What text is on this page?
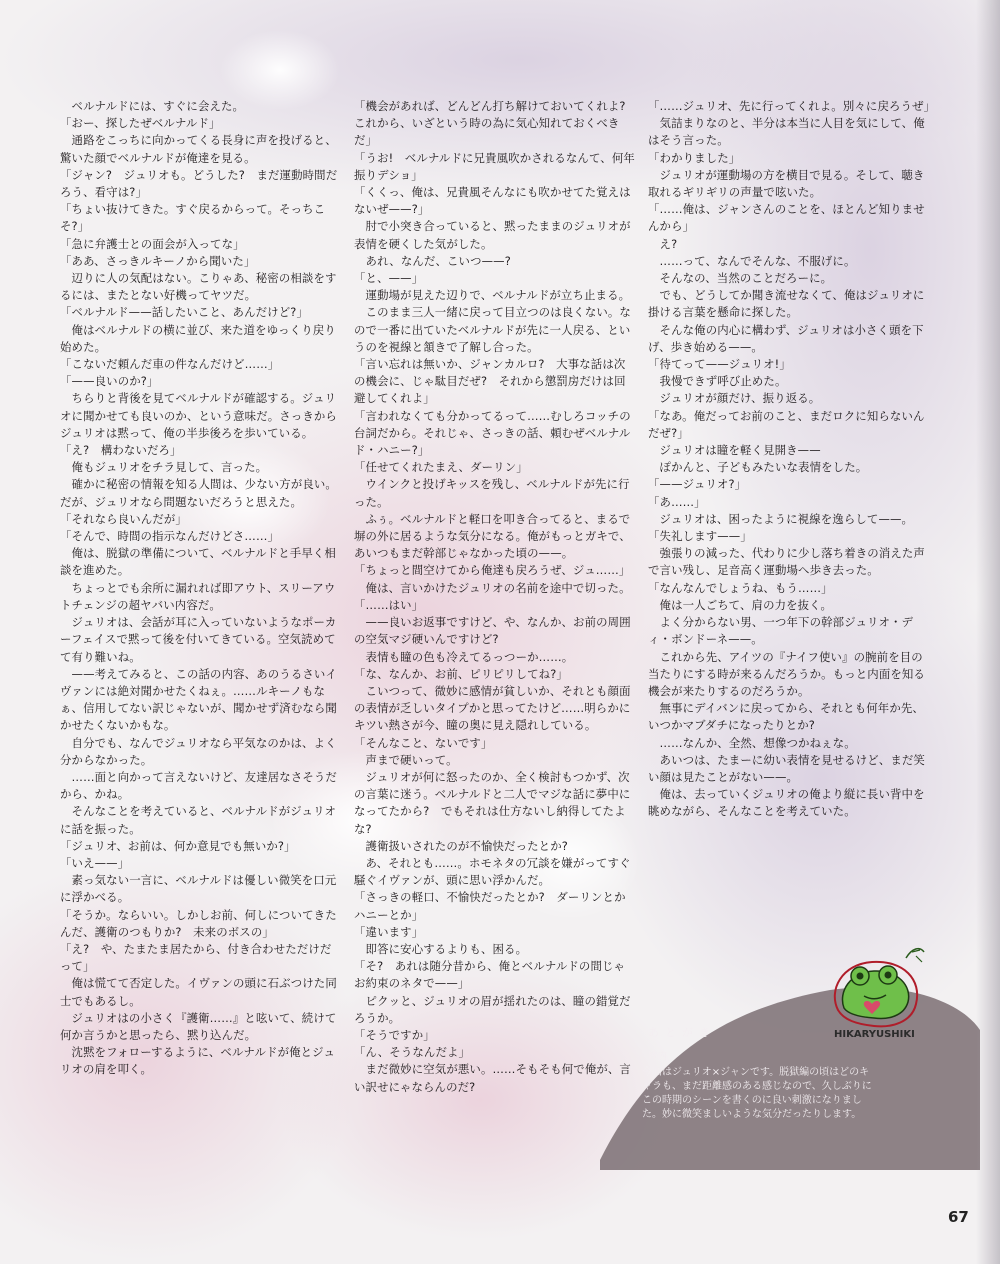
　ベルナルドには、すぐに会えた。
「おー、探したぜベルナルド」
　通路をこっちに向かってくる長身に声を投げると、驚いた顔でベルナルドが俺達を見る。
「ジャン?　ジュリオも。どうした?　まだ運動時間だろう、看守は?」
「ちょい抜けてきた。すぐ戻るからって。そっちこそ?」
「急に弁護士との面会が入ってな」
「ああ、さっきルキーノから聞いた」
　辺りに人の気配はない。こりゃあ、秘密の相談をするには、またとない好機ってヤツだ。
「ベルナルド——話したいこと、あんだけど?」
　俺はベルナルドの横に並び、来た道をゆっくり戻り始めた。
「こないだ頼んだ車の件なんだけど……」
「——良いのか?」
　ちらりと背後を見てベルナルドが確認する。ジュリオに聞かせても良いのか、という意味だ。さっきからジュリオは黙って、俺の半歩後ろを歩いている。
「え?　構わないだろ」
　俺もジュリオをチラ見して、言った。
　確かに秘密の情報を知る人間は、少ない方が良い。だが、ジュリオなら問題ないだろうと思えた。
「それなら良いんだが」
「そんで、時間の指示なんだけどさ……」
　俺は、脱獄の準備について、ベルナルドと手早く相談を進めた。
　ちょっとでも余所に漏れれば即アウト、スリーアウトチェンジの超ヤバい内容だ。
　ジュリオは、会話が耳に入っていないようなポーカーフェイスで黙って後を付いてきている。空気読めてて有り難いね。
　——考えてみると、この話の内容、あのうるさいイヴァンには絶対聞かせたくねぇ。……ルキーノもなぁ、信用してない訳じゃないが、聞かせず済むなら聞かせたくないかもな。
　自分でも、なんでジュリオなら平気なのかは、よく分からなかった。
　……面と向かって言えないけど、友達居なさそうだから、かね。
　そんなことを考えていると、ベルナルドがジュリオに話を振った。
「ジュリオ、お前は、何か意見でも無いか?」
「いえ——」
　素っ気ない一言に、ベルナルドは優しい微笑を口元に浮かべる。
「そうか。ならいい。しかしお前、何しについてきたんだ、護衛のつもりか?　未来のボスの」
「え?　や、たまたま居たから、付き合わせただけだって」
　俺は慌てて否定した。イヴァンの頭に石ぶつけた同士でもあるし。
　ジュリオはの小さく『護衛……』と呟いて、続けて何か言うかと思ったら、黙り込んだ。
　沈黙をフォローするように、ベルナルドが俺とジュリオの肩を叩く。
「機会があれば、どんどん打ち解けておいてくれよ?これから、いざという時の為に気心知れておくべきだ」
「うお!　ベルナルドに兄貴風吹かされるなんて、何年振りデショ」
「くくっ、俺は、兄貴風そんなにも吹かせてた覚えはないぜ——?」
　肘で小突き合っていると、黙ったままのジュリオが表情を硬くした気がした。
　あれ、なんだ、こいつ——?
「と、——」
　運動場が見えた辺りで、ベルナルドが立ち止まる。
　このまま三人一緒に戻って目立つのは良くない。なので一番に出ていたベルナルドが先に一人戻る、というのを視線と頷きで了解し合った。
「言い忘れは無いか、ジャンカルロ?　大事な話は次の機会に、じゃ駄目だぜ?　それから懲罰房だけは回避してくれよ」
「言われなくても分かってるって……むしろコッチの台詞だから。それじゃ、さっきの話、頼むぜベルナルド・ハニー?」
「任せてくれたまえ、ダーリン」
　ウインクと投げキッスを残し、ベルナルドが先に行った。
　ふぅ。ベルナルドと軽口を叩き合ってると、まるで塀の外に居るような気分になる。俺がもっとガキで、あいつもまだ幹部じゃなかった頃の——。
「ちょっと間空けてから俺達も戻ろうぜ、ジュ……」
　俺は、言いかけたジュリオの名前を途中で切った。
「……はい」
　——良いお返事ですけど、や、なんか、お前の周囲の空気マジ硬いんですけど?
　表情も瞳の色も冷えてるっつーか……。
「な、なんか、お前、ピリピリしてね?」
　こいつって、微妙に感情が貧しいか、それとも顔面の表情が乏しいタイプかと思ってたけど……明らかにキツい熱さが今、瞳の奥に見え隠れしている。
「そんなこと、ないです」
　声まで硬いって。
　ジュリオが何に怒ったのか、全く検討もつかず、次の言葉に迷う。ベルナルドと二人でマジな話に夢中になってたから?　でもそれは仕方ないし納得してたよな?
　護衛扱いされたのが不愉快だったとか?
　あ、それとも……。ホモネタの冗談を嫌がってすぐ騒ぐイヴァンが、頭に思い浮かんだ。
「さっきの軽口、不愉快だったとか?　ダーリンとかハニーとか」
「違います」
　即答に安心するよりも、困る。
「そ?　あれは随分昔から、俺とベルナルドの間じゃお約束のネタで——」
　ピクッと、ジュリオの眉が揺れたのは、瞳の錯覚だろうか。
「そうですか」
「ん、そうなんだよ」
　まだ微妙に空気が悪い。……そもそも何で俺が、言い訳せにゃならんのだ?
「……ジュリオ、先に行ってくれよ。別々に戻ろうぜ」
　気詰まりなのと、半分は本当に人目を気にして、俺はそう言った。
「わかりました」
　ジュリオが運動場の方を横目で見る。そして、聴き取れるギリギリの声量で呟いた。
「……俺は、ジャンさんのことを、ほとんど知りませんから」
　え?
　……って、なんでそんな、不服げに。
　そんなの、当然のことだろーに。
　でも、どうしてか聞き流せなくて、俺はジュリオに掛ける言葉を懸命に探した。
　そんな俺の内心に構わず、ジュリオは小さく頭を下げ、歩き始める——。
「待てって——ジュリオ!」
　我慢できず呼び止めた。
　ジュリオが顔だけ、振り返る。
「なあ。俺だってお前のこと、まだロクに知らないんだぜ?」
　ジュリオは瞳を軽く見開き——
　ぽかんと、子どもみたいな表情をした。
「——ジュリオ?」
「あ……」
　ジュリオは、困ったように視線を逸らして——。
「失礼します——」
　強張りの減った、代わりに少し落ち着きの消えた声で言い残し、足音高く運動場へ歩き去った。
「なんなんでしょうね、もう……」
　俺は一人ごちて、肩の力を抜く。
　よく分からない男、一つ年下の幹部ジュリオ・ディ・ボンドーネ——。
　これから先、アイツの『ナイフ使い』の腕前を目の当たりにする時が来るんだろうか。もっと内面を知る機会が来たりするのだろうか。
　無事にデイバンに戻ってから、それとも何年か先、いつかマブダチになったりとか?
　……なんか、全然、想像つかねぇな。
　あいつは、たまーに幼い表情を見せるけど、まだ笑い顔は見たことがない——。
　俺は、去っていくジュリオの俺より縦に長い背中を眺めながら、そんなことを考えていた。
HIKARYUSHIKI
あとがき
陣内
今回はジュリオ×ジャンです。脱獄編の頃はどのキャラも、まだ距離感のある感じなので、久しぶりにこの時期のシーンを書くのに良い刺激になりました。妙に微笑ましいような気分だったりします。
67
